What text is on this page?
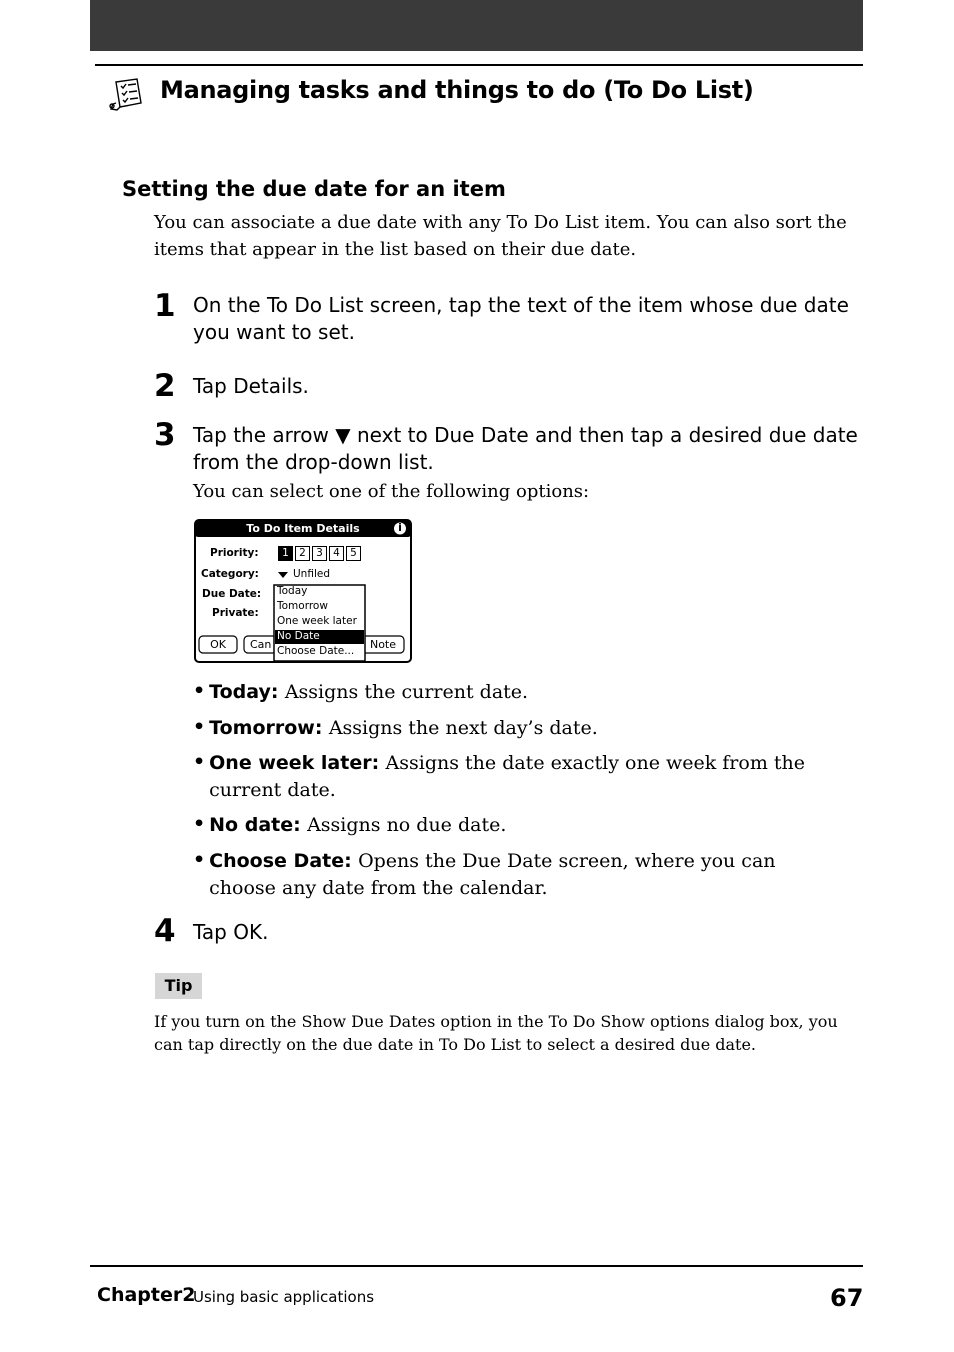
Managing tasks and things to do (To Do List)
Setting the due date for an item
You can associate a due date with any To Do List item. You can also sort the items that appear in the list based on their due date.
1 On the To Do List screen, tap the text of the item whose due date you want to set.
2 Tap Details.
3 Tap the arrow ▼ next to Due Date and then tap a desired due date from the drop-down list.
You can select one of the following options:
To Do Item Details	i
Priority:	1 2 3 4 5
Category:	Unfiled
Due Date:
Private:
Today
Tomorrow
One week later
No Date
Choose Date...
OK	Can	Note
• Today: Assigns the current date.
• Tomorrow: Assigns the next day’s date.
• One week later: Assigns the date exactly one week from the current date.
• No date: Assigns no due date.
• Choose Date: Opens the Due Date screen, where you can choose any date from the calendar.
4 Tap OK.
Tip
If you turn on the Show Due Dates option in the To Do Show options dialog box, you can tap directly on the due date in To Do List to select a desired due date.
Chapter2
Using basic applications	67
